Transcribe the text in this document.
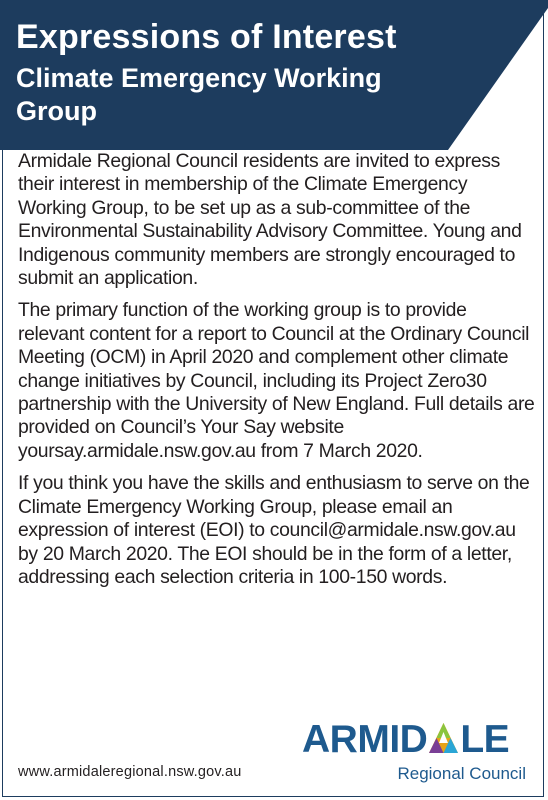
Expressions of Interest
Climate Emergency Working Group

Armidale Regional Council residents are invited to express their interest in membership of the Climate Emergency Working Group, to be set up as a sub-committee of the Environmental Sustainability Advisory Committee. Young and Indigenous community members are strongly encouraged to submit an application.

The primary function of the working group is to provide relevant content for a report to Council at the Ordinary Council Meeting (OCM) in April 2020 and complement other climate change initiatives by Council, including its Project Zero30 partnership with the University of New England. Full details are provided on Council’s Your Say website yoursay.armidale.nsw.gov.au from 7 March 2020.

If you think you have the skills and enthusiasm to serve on the Climate Emergency Working Group, please email an expression of interest (EOI) to council@armidale.nsw.gov.au by 20 March 2020. The EOI should be in the form of a letter, addressing each selection criteria in 100-150 words.

www.armidaleregional.nsw.gov.au
ARMID LE
Regional Council
